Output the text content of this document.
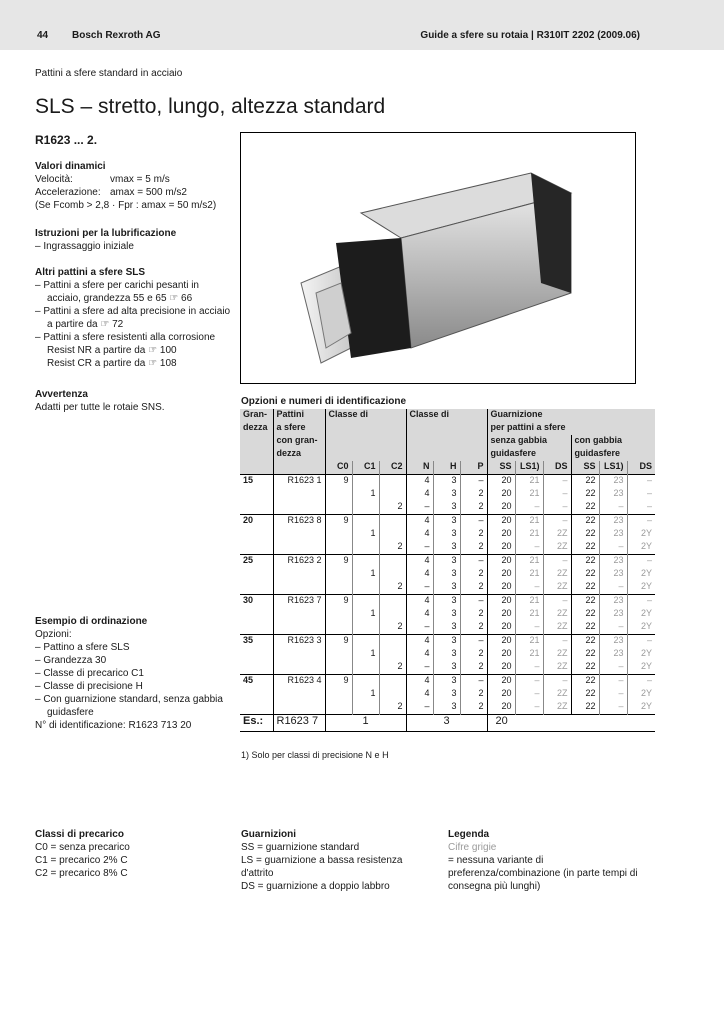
44 Bosch Rexroth AG	Guide a sfere su rotaia | R310IT 2202 (2009.06)
Pattini a sfere standard in acciaio
SLS – stretto, lungo, altezza standard
R1623 ... 2.
Valori dinamici
Velocità:	vmax = 5 m/s
Accelerazione: amax = 500 m/s2
(Se Fcomb > 2,8 · Fpr : amax = 50 m/s2)
Istruzioni per la lubrificazione
– Ingrassaggio iniziale
Altri pattini a sfere SLS
– Pattini a sfere per carichi pesanti in acciaio, grandezza 55 e 65 ☞ 66
– Pattini a sfere ad alta precisione in acciaio a partire da ☞ 72
– Pattini a sfere resistenti alla corrosione Resist NR a partire da ☞ 100
Resist CR a partire da ☞ 108
Avvertenza
Adatti per tutte le rotaie SNS.
Esempio di ordinazione
Opzioni:
– Pattino a sfere SLS
– Grandezza 30
– Classe di precarico C1
– Classe di precisione H
– Con guarnizione standard, senza gabbia guidasfere
N° di identificazione: R1623 713 20
Opzioni e numeri di identificazione
Gran-	Pattini	Classe di			Classe di			Guarnizione					
dezza	a sfere							per pattini a sfere					
	con gran-							senza gabbia			con gabbia		
	dezza							guidasfere			guidasfere		
		C0	C1	C2	N	H	P	SS	LS1)	DS	SS	LS1)	DS
15	R1623 1	9			4	3	–	20	21	–	22	23	–
			1		4	3	2	20	21	–	22	23	–
				2	–	3	2	20	–	–	22	–	–
20	R1623 8	9			4	3	–	20	21	–	22	23	–
			1		4	3	2	20	21	2Z	22	23	2Y
				2	–	3	2	20	–	2Z	22	–	2Y
25	R1623 2	9			4	3	–	20	21	–	22	23	–
			1		4	3	2	20	21	2Z	22	23	2Y
				2	–	3	2	20	–	2Z	22	–	2Y
30	R1623 7	9			4	3	–	20	21	–	22	23	–
			1		4	3	2	20	21	2Z	22	23	2Y
				2	–	3	2	20	–	2Z	22	–	2Y
35	R1623 3	9			4	3	–	20	21	–	22	23	–
			1		4	3	2	20	21	2Z	22	23	2Y
				2	–	3	2	20	–	2Z	22	–	2Y
45	R1623 4	9			4	3	–	20	–	–	22	–	–
			1		4	3	2	20	–	2Z	22	–	2Y
				2	–	3	2	20	–	2Z	22	–	2Y
Es.:	R1623 7	1			3			20					
1) Solo per classi di precisione N e H
Classi di precarico
C0 = senza precarico
C1 = precarico 2% C
C2 = precarico 8% C
Guarnizioni
SS = guarnizione standard
LS = guarnizione a bassa resistenza d'attrito
DS = guarnizione a doppio labbro
Legenda
Cifre grigie
= nessuna variante di preferenza/combinazione (in parte tempi di consegna più lunghi)
